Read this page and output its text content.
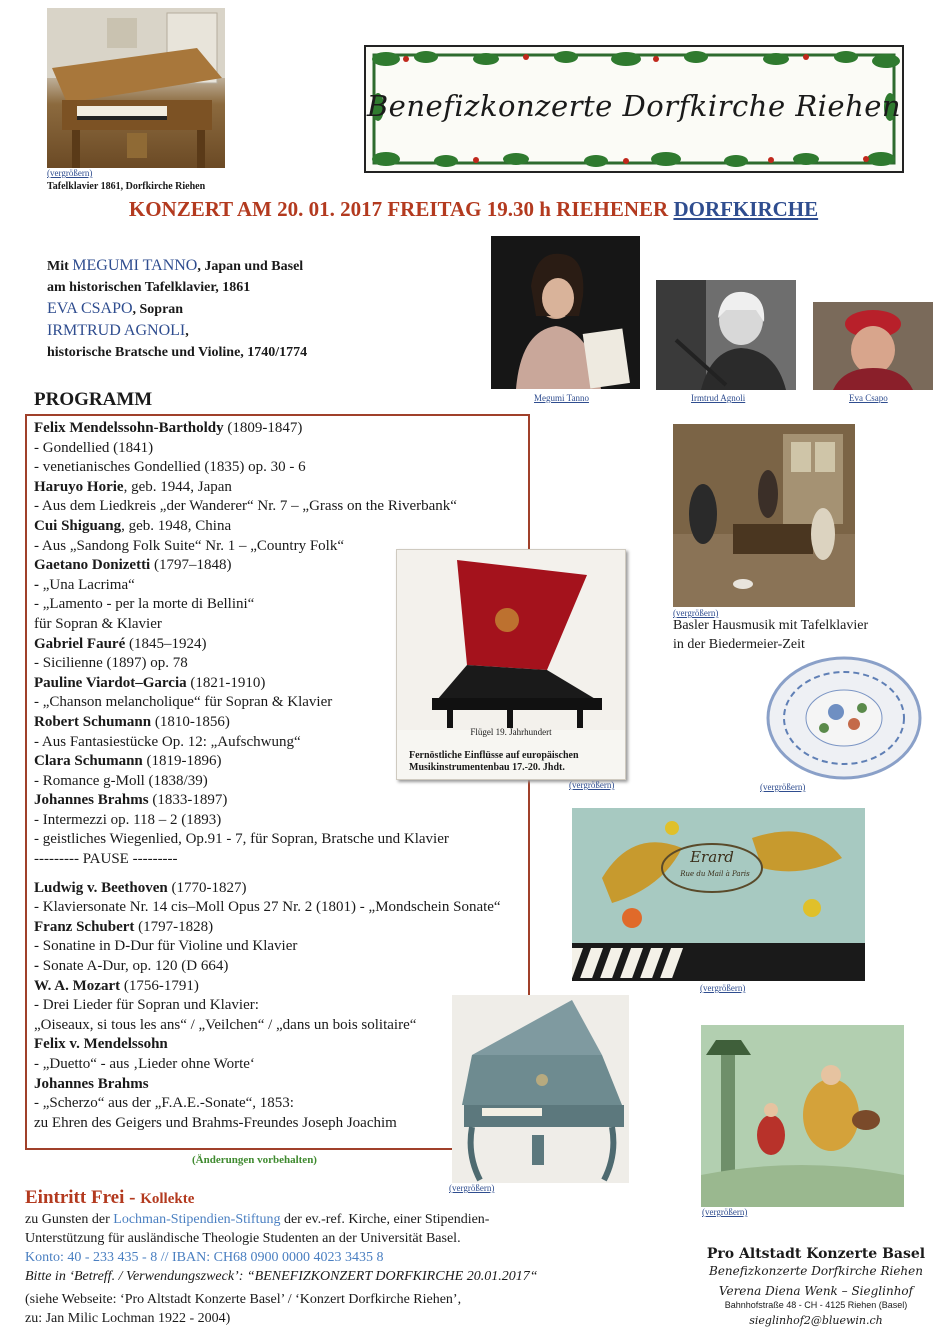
(vergrößern)
Tafelklavier 1861, Dorfkirche Riehen
Benefizkonzerte Dorfkirche Riehen
KONZERT AM 20. 01. 2017 FREITAG 19.30 h RIEHENER DORFKIRCHE
Mit MEGUMI TANNO, Japan und Basel
am historischen Tafelklavier, 1861
EVA CSAPO, Sopran
IRMTRUD AGNOLI,
historische Bratsche und Violine, 1740/1774
Megumi Tanno	Irmtrud Agnoli	Eva Csapo
PROGRAMM
Felix Mendelssohn-Bartholdy (1809-1847)
- Gondellied (1841)
- venetianisches Gondellied (1835) op. 30 - 6
Haruyo Horie, geb. 1944, Japan
- Aus dem Liedkreis „der Wanderer“ Nr. 7 – „Grass on the Riverbank“
Cui Shiguang, geb. 1948, China
- Aus „Sandong Folk Suite“ Nr. 1 – „Country Folk“
Gaetano Donizetti (1797–1848)
- „Una Lacrima“
- „Lamento - per la morte di Bellini“
für Sopran & Klavier
Gabriel Fauré (1845–1924)
- Sicilienne (1897) op. 78
Pauline Viardot–Garcia (1821-1910)
- „Chanson melancholique“ für Sopran & Klavier
Robert Schumann (1810-1856)
- Aus Fantasiestücke Op. 12: „Aufschwung“
Clara Schumann (1819-1896)
- Romance g-Moll (1838/39)
Johannes Brahms (1833-1897)
- Intermezzi op. 118 – 2 (1893)
- geistliches Wiegenlied, Op.91 - 7, für Sopran, Bratsche und Klavier
--------- PAUSE ---------
Ludwig v. Beethoven (1770-1827)
- Klaviersonate Nr. 14 cis–Moll Opus 27 Nr. 2 (1801) - „Mondschein Sonate“
Franz Schubert (1797-1828)
- Sonatine in D-Dur für Violine und Klavier
- Sonate A-Dur, op. 120 (D 664)
W. A. Mozart (1756-1791)
- Drei Lieder für Sopran und Klavier:
„Oiseaux, si tous les ans“ / „Veilchen“ / „dans un bois solitaire“
Felix v. Mendelssohn
- „Duetto“ - aus ‚Lieder ohne Worte‘
Johannes Brahms
- „Scherzo“ aus der „F.A.E.-Sonate“, 1853:
zu Ehren des Geigers und Brahms-Freundes Joseph Joachim
(Änderungen vorbehalten)
Flügel 19. Jahrhundert
Fernöstliche Einflüsse auf europäischen
Musikinstrumentenbau 17.-20. Jhdt.
(vergrößern)
(vergrößern)
Basler Hausmusik mit Tafelklavier
in der Biedermeier-Zeit
(vergrößern)
Erard
Rue du Mail à Paris
(vergrößern)
(vergrößern)
(vergrößern)
Eintritt Frei - Kollekte
zu Gunsten der Lochman-Stipendien-Stiftung der ev.-ref. Kirche, einer Stipendien-
Unterstützung für ausländische Theologie Studenten an der Universität Basel.
Konto: 40 - 233 435 - 8 // IBAN: CH68 0900 0000 4023 3435 8
Bitte in ‘Betreff. / Verwendungszweck’: “BENEFIZKONZERT DORFKIRCHE 20.01.2017“
(siehe Webseite: ‘Pro Altstadt Konzerte Basel’ / ‘Konzert Dorfkirche Riehen’,
zu: Jan Milic Lochman 1922 - 2004)
Pro Altstadt Konzerte Basel
Benefizkonzerte Dorfkirche Riehen
Verena Diena Wenk – Sieglinhof
Bahnhofstraße 48 - CH - 4125 Riehen (Basel)
sieglinhof2@bluewin.ch
